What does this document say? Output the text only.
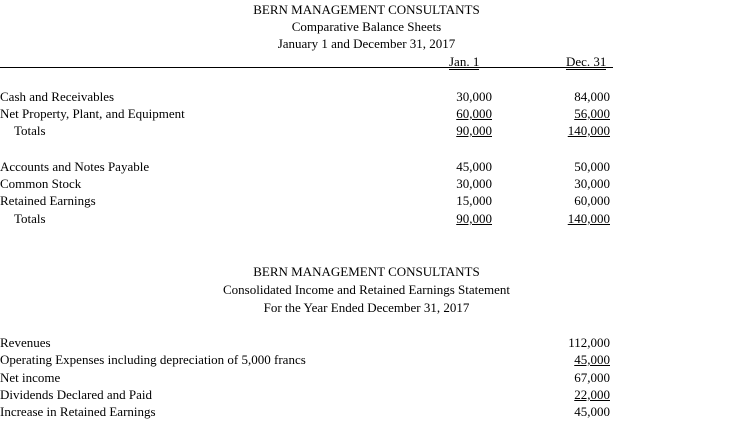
BERN MANAGEMENT CONSULTANTS
Comparative Balance Sheets
January 1 and December 31, 2017
Jan. 1	Dec. 31
Cash and Receivables	30,000	84,000
Net Property, Plant, and Equipment	60,000	56,000
Totals	90,000	140,000
Accounts and Notes Payable	45,000	50,000
Common Stock	30,000	30,000
Retained Earnings	15,000	60,000
Totals	90,000	140,000
BERN MANAGEMENT CONSULTANTS
Consolidated Income and Retained Earnings Statement
For the Year Ended December 31, 2017
Revenues	112,000
Operating Expenses including depreciation of 5,000 francs	45,000
Net income	67,000
Dividends Declared and Paid	22,000
Increase in Retained Earnings	45,000
